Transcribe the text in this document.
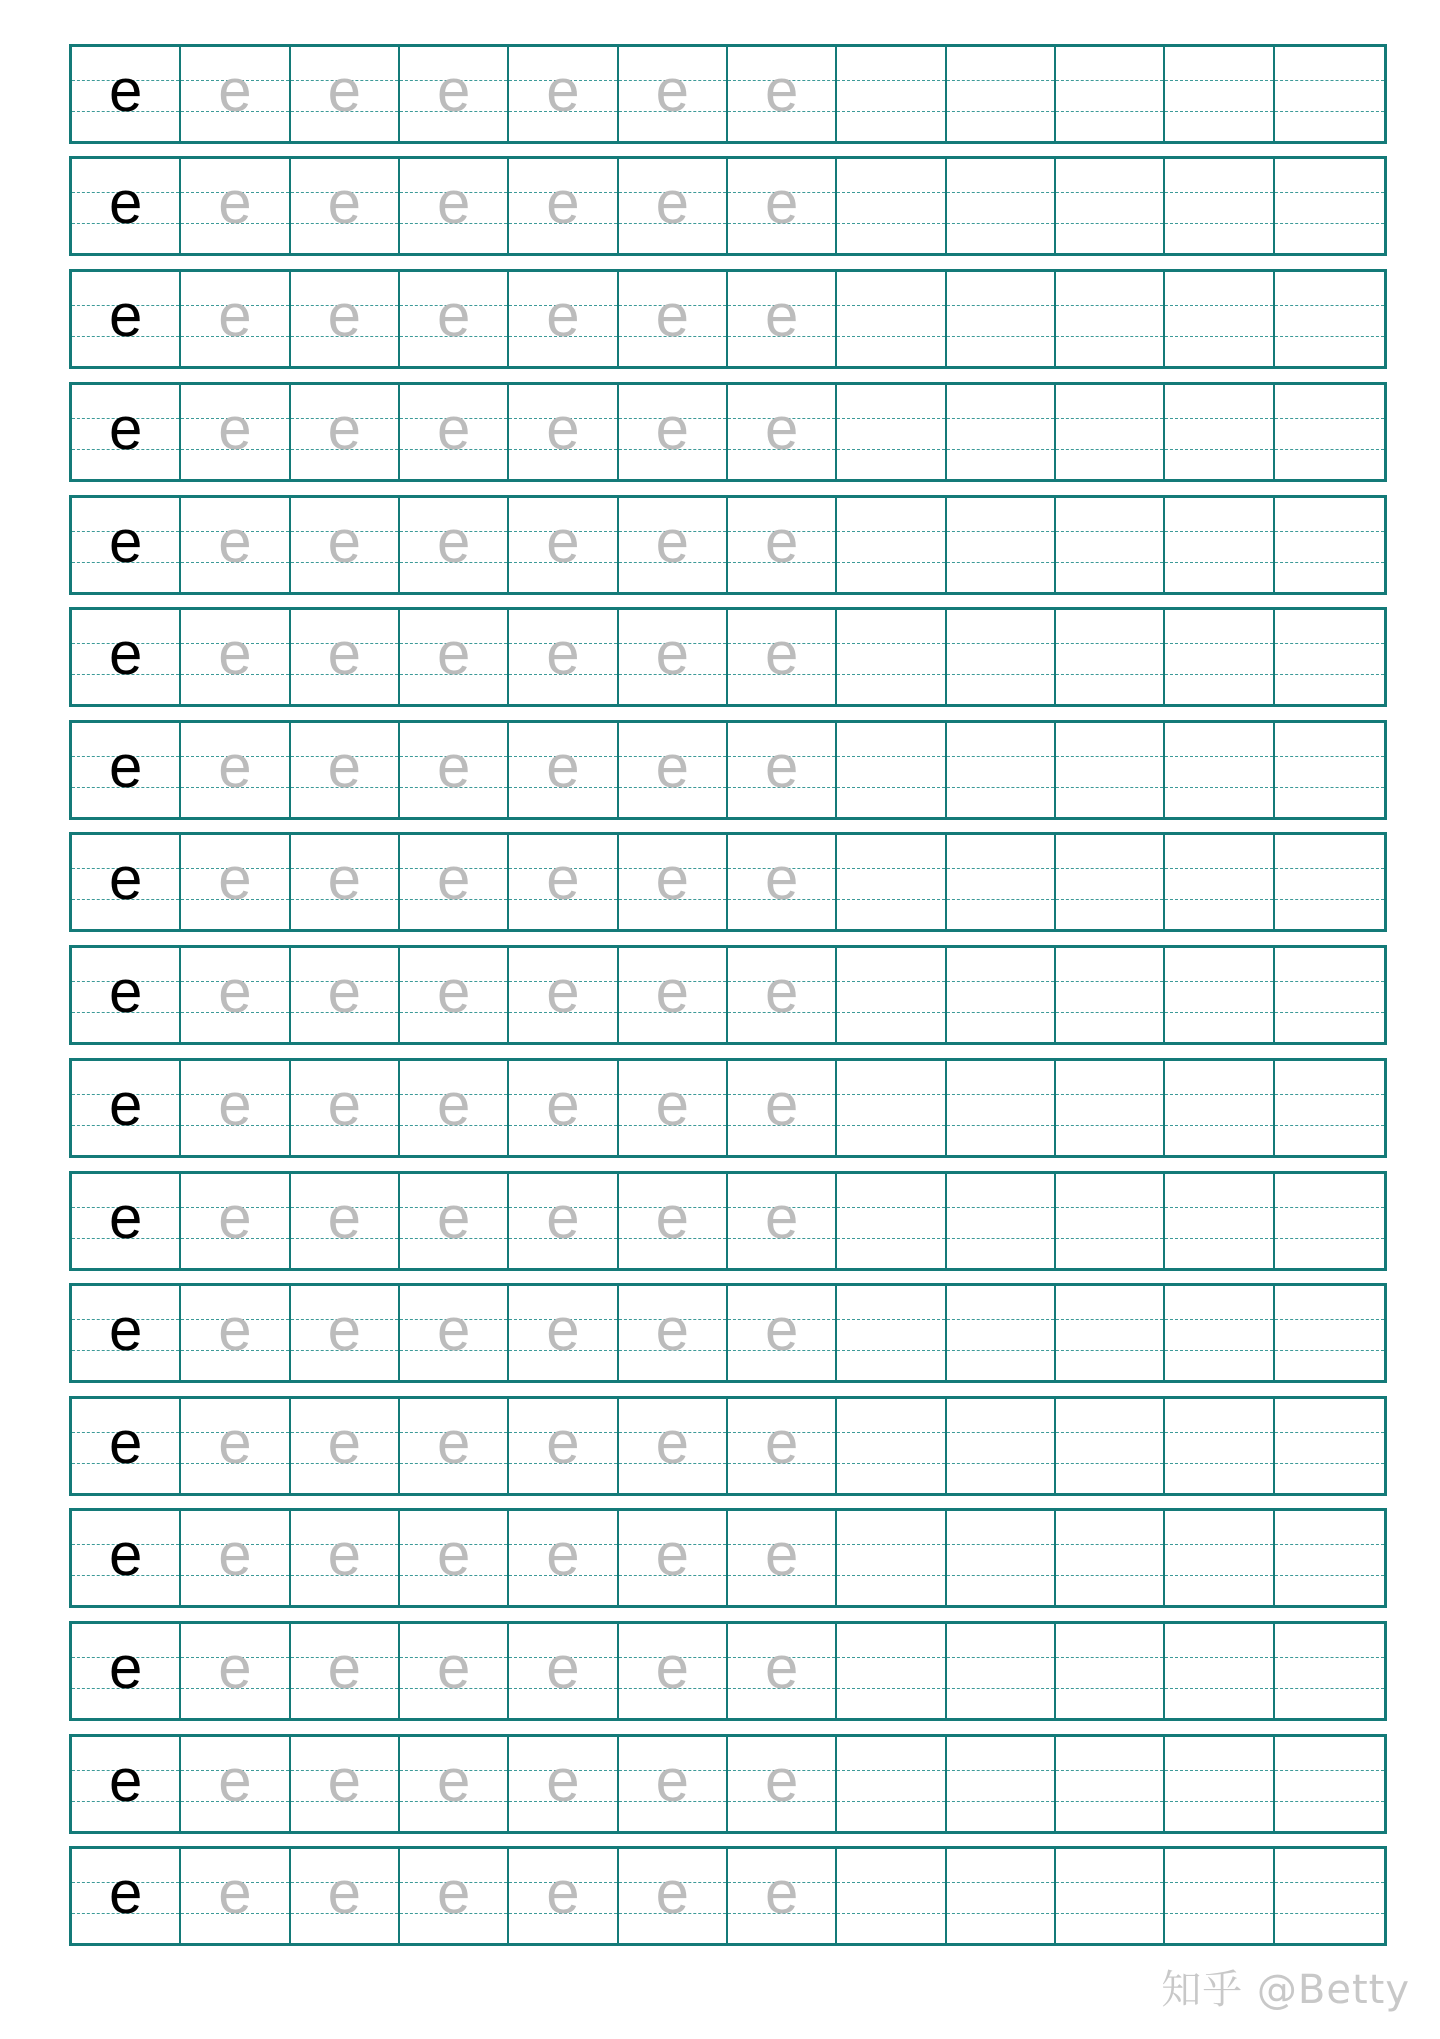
e	e	e	e	e	e	e
e	e	e	e	e	e	e
e	e	e	e	e	e	e
e	e	e	e	e	e	e
e	e	e	e	e	e	e
e	e	e	e	e	e	e
e	e	e	e	e	e	e
e	e	e	e	e	e	e
e	e	e	e	e	e	e
e	e	e	e	e	e	e
e	e	e	e	e	e	e
e	e	e	e	e	e	e
e	e	e	e	e	e	e
e	e	e	e	e	e	e
e	e	e	e	e	e	e
e	e	e	e	e	e	e
e	e	e	e	e	e	e
知乎 @Betty
